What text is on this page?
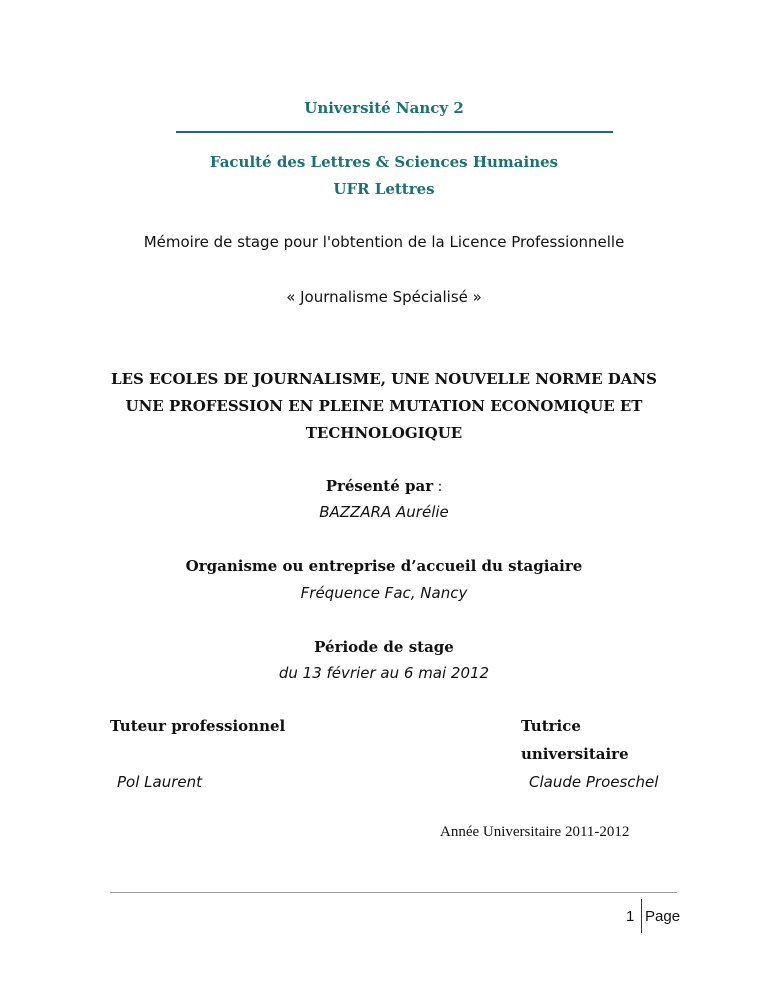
Université Nancy 2
Faculté des Lettres & Sciences Humaines
UFR Lettres
Mémoire de stage pour l'obtention de la Licence Professionnelle
« Journalisme Spécialisé »
LES ECOLES DE JOURNALISME, UNE NOUVELLE NORME DANS
UNE PROFESSION EN PLEINE MUTATION ECONOMIQUE ET
TECHNOLOGIQUE
Présenté par :
BAZZARA Aurélie
Organisme ou entreprise d’accueil du stagiaire
Fréquence Fac, Nancy
Période de stage
du 13 février au 6 mai 2012
Tuteur professionnel
Pol Laurent
Tutrice
universitaire
Claude Proeschel
Année Universitaire 2011-2012
1 Page
